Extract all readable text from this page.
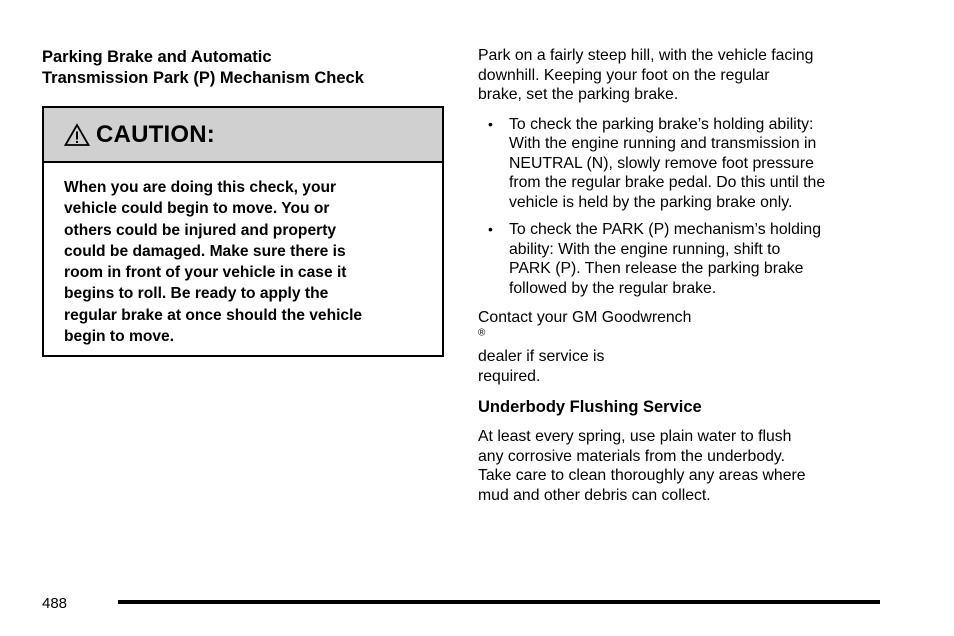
Parking Brake and Automatic
Transmission Park (P) Mechanism Check
CAUTION:
When you are doing this check, your
vehicle could begin to move. You or
others could be injured and property
could be damaged. Make sure there is
room in front of your vehicle in case it
begins to roll. Be ready to apply the
regular brake at once should the vehicle
begin to move.
Park on a fairly steep hill, with the vehicle facing
downhill. Keeping your foot on the regular
brake, set the parking brake.
• To check the parking brake’s holding ability:
With the engine running and transmission in
NEUTRAL (N), slowly remove foot pressure
from the regular brake pedal. Do this until the
vehicle is held by the parking brake only.
• To check the PARK (P) mechanism’s holding
ability: With the engine running, shift to
PARK (P). Then release the parking brake
followed by the regular brake.
Contact your GM Goodwrench
®
dealer if service is
required.
Underbody Flushing Service
At least every spring, use plain water to flush
any corrosive materials from the underbody.
Take care to clean thoroughly any areas where
mud and other debris can collect.
488
